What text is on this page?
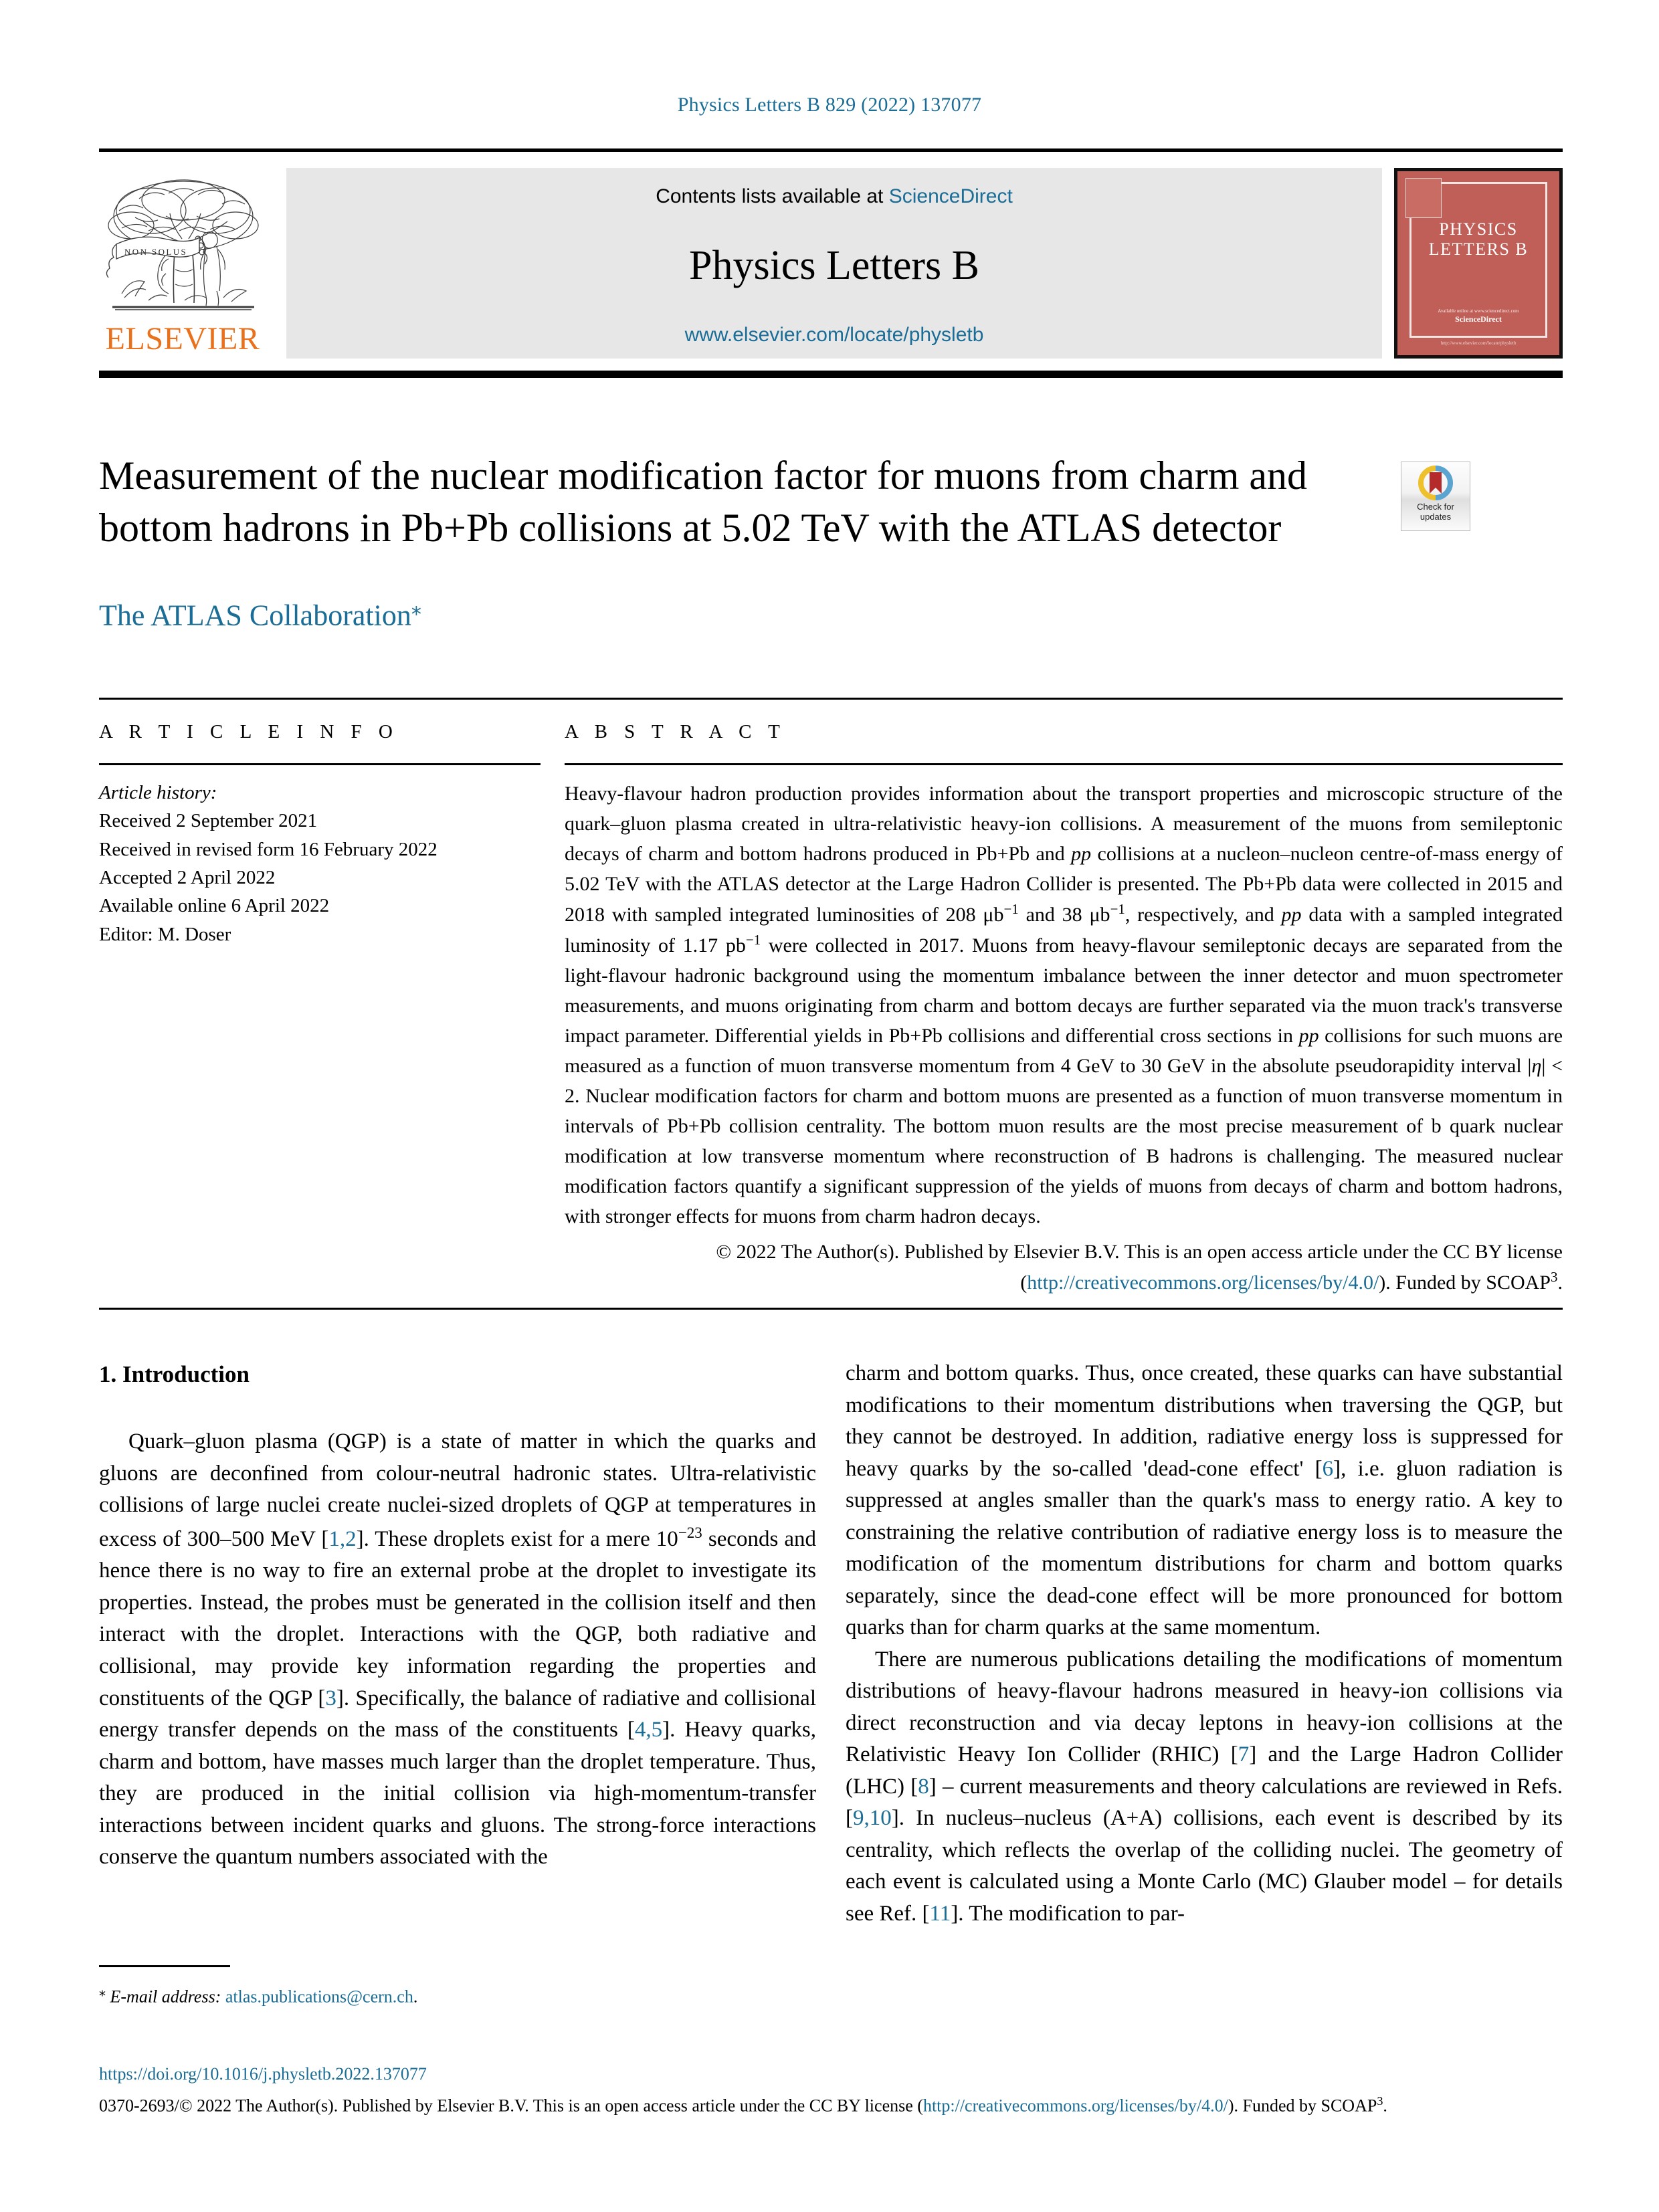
Physics Letters B 829 (2022) 137077
NON SOLUS
ELSEVIER
Contents lists available at ScienceDirect
Physics Letters B
www.elsevier.com/locate/physletb
PHYSICS LETTERS B
Available online at www.sciencedirect.com
ScienceDirect
http://www.elsevier.com/locate/physletb
Measurement of the nuclear modification factor for muons from charm and bottom hadrons in Pb+Pb collisions at 5.02 TeV with the ATLAS detector
The ATLAS Collaboration⁎
Check for
updates
A R T I C L E I N F O
Article history:
Received 2 September 2021
Received in revised form 16 February 2022
Accepted 2 April 2022
Available online 6 April 2022
Editor: M. Doser
A B S T R A C T
Heavy-flavour hadron production provides information about the transport properties and microscopic structure of the quark–gluon plasma created in ultra-relativistic heavy-ion collisions. A measurement of the muons from semileptonic decays of charm and bottom hadrons produced in Pb+Pb and pp collisions at a nucleon–nucleon centre-of-mass energy of 5.02 TeV with the ATLAS detector at the Large Hadron Collider is presented. The Pb+Pb data were collected in 2015 and 2018 with sampled integrated luminosities of 208 $\mu b^{-1}$ and 38 $\mu b^{-1}$, respectively, and pp data with a sampled integrated luminosity of 1.17 $pb^{-1}$ were collected in 2017. Muons from heavy-flavour semileptonic decays are separated from the light-flavour hadronic background using the momentum imbalance between the inner detector and muon spectrometer measurements, and muons originating from charm and bottom decays are further separated via the muon track's transverse impact parameter. Differential yields in Pb+Pb collisions and differential cross sections in pp collisions for such muons are measured as a function of muon transverse momentum from 4 GeV to 30 GeV in the absolute pseudorapidity interval |η| < 2. Nuclear modification factors for charm and bottom muons are presented as a function of muon transverse momentum in intervals of Pb+Pb collision centrality. The bottom muon results are the most precise measurement of b quark nuclear modification at low transverse momentum where reconstruction of B hadrons is challenging. The measured nuclear modification factors quantify a significant suppression of the yields of muons from decays of charm and bottom hadrons, with stronger effects for muons from charm hadron decays.
© 2022 The Author(s). Published by Elsevier B.V. This is an open access article under the CC BY license (http://creativecommons.org/licenses/by/4.0/). Funded by SCOAP$^3$.
1. Introduction

Quark–gluon plasma (QGP) is a state of matter in which the quarks and gluons are deconfined from colour-neutral hadronic states. Ultra-relativistic collisions of large nuclei create nuclei-sized droplets of QGP at temperatures in excess of 300–500 MeV [1,2]. These droplets exist for a mere $10^{-23}$ seconds and hence there is no way to fire an external probe at the droplet to investigate its properties. Instead, the probes must be generated in the collision itself and then interact with the droplet. Interactions with the QGP, both radiative and collisional, may provide key information regarding the properties and constituents of the QGP [3]. Specifically, the balance of radiative and collisional energy transfer depends on the mass of the constituents [4,5]. Heavy quarks, charm and bottom, have masses much larger than the droplet temperature. Thus, they are produced in the initial collision via high-momentum-transfer interactions between incident quarks and gluons. The strong-force interactions conserve the quantum numbers associated with the

charm and bottom quarks. Thus, once created, these quarks can have substantial modifications to their momentum distributions when traversing the QGP, but they cannot be destroyed. In addition, radiative energy loss is suppressed for heavy quarks by the so-called 'dead-cone effect' [6], i.e. gluon radiation is suppressed at angles smaller than the quark's mass to energy ratio. A key to constraining the relative contribution of radiative energy loss is to measure the modification of the momentum distributions for charm and bottom quarks separately, since the dead-cone effect will be more pronounced for bottom quarks than for charm quarks at the same momentum.

There are numerous publications detailing the modifications of momentum distributions of heavy-flavour hadrons measured in heavy-ion collisions via direct reconstruction and via decay leptons in heavy-ion collisions at the Relativistic Heavy Ion Collider (RHIC) [7] and the Large Hadron Collider (LHC) [8] – current measurements and theory calculations are reviewed in Refs. [9,10]. In nucleus–nucleus (A+A) collisions, each event is described by its centrality, which reflects the overlap of the colliding nuclei. The geometry of each event is calculated using a Monte Carlo (MC) Glauber model – for details see Ref. [11]. The modification to par-

⁎ E-mail address: atlas.publications@cern.ch.
https://doi.org/10.1016/j.physletb.2022.137077
0370-2693/© 2022 The Author(s). Published by Elsevier B.V. This is an open access article under the CC BY license (http://creativecommons.org/licenses/by/4.0/). Funded by SCOAP$^3$.
